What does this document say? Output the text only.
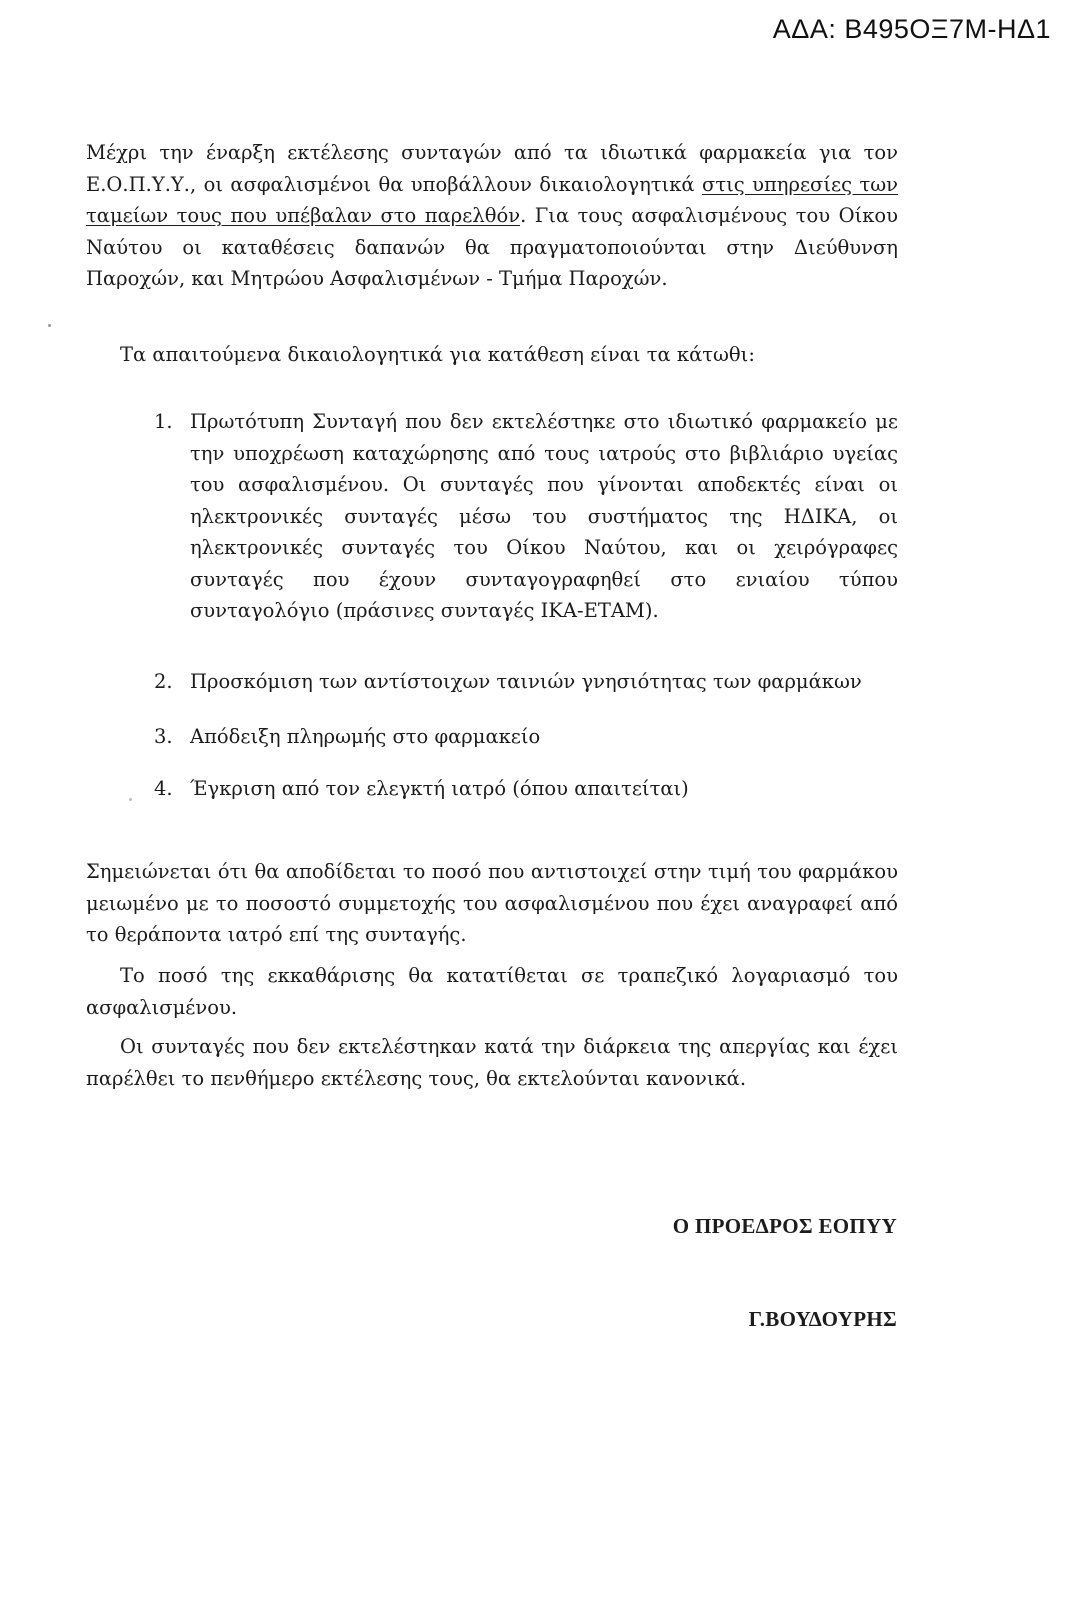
ΑΔΑ: Β495ΟΞ7Μ-ΗΔ1
Μέχρι την έναρξη εκτέλεσης συνταγών από τα ιδιωτικά φαρμακεία για τον Ε.Ο.Π.Υ.Υ., οι ασφαλισμένοι θα υποβάλλουν δικαιολογητικά στις υπηρεσίες των ταμείων τους που υπέβαλαν στο παρελθόν. Για τους ασφαλισμένους του Οίκου Ναύτου οι καταθέσεις δαπανών θα πραγματοποιούνται στην Διεύθυνση Παροχών, και Μητρώου Ασφαλισμένων - Τμήμα Παροχών.
Τα απαιτούμενα δικαιολογητικά για κατάθεση είναι τα κάτωθι:
1. Πρωτότυπη Συνταγή που δεν εκτελέστηκε στο ιδιωτικό φαρμακείο με την υποχρέωση καταχώρησης από τους ιατρούς στο βιβλιάριο υγείας του ασφαλισμένου. Οι συνταγές που γίνονται αποδεκτές είναι οι ηλεκτρονικές συνταγές μέσω του συστήματος της ΗΔΙΚΑ, οι ηλεκτρονικές συνταγές του Οίκου Ναύτου, και οι χειρόγραφες συνταγές που έχουν συνταγογραφηθεί στο ενιαίου τύπου συνταγολόγιο (πράσινες συνταγές ΙΚΑ-ΕΤΑΜ).
2. Προσκόμιση των αντίστοιχων ταινιών γνησιότητας των φαρμάκων
3. Απόδειξη πληρωμής στο φαρμακείο
4. Έγκριση από τον ελεγκτή ιατρό (όπου απαιτείται)
Σημειώνεται ότι θα αποδίδεται το ποσό που αντιστοιχεί στην τιμή του φαρμάκου μειωμένο με το ποσοστό συμμετοχής του ασφαλισμένου που έχει αναγραφεί από το θεράποντα ιατρό επί της συνταγής.
Το ποσό της εκκαθάρισης θα κατατίθεται σε τραπεζικό λογαριασμό του ασφαλισμένου.
Οι συνταγές που δεν εκτελέστηκαν κατά την διάρκεια της απεργίας και έχει παρέλθει το πενθήμερο εκτέλεσης τους, θα εκτελούνται κανονικά.
Ο ΠΡΟΕΔΡΟΣ ΕΟΠΥΥ
Γ.ΒΟΥΔΟΥΡΗΣ
